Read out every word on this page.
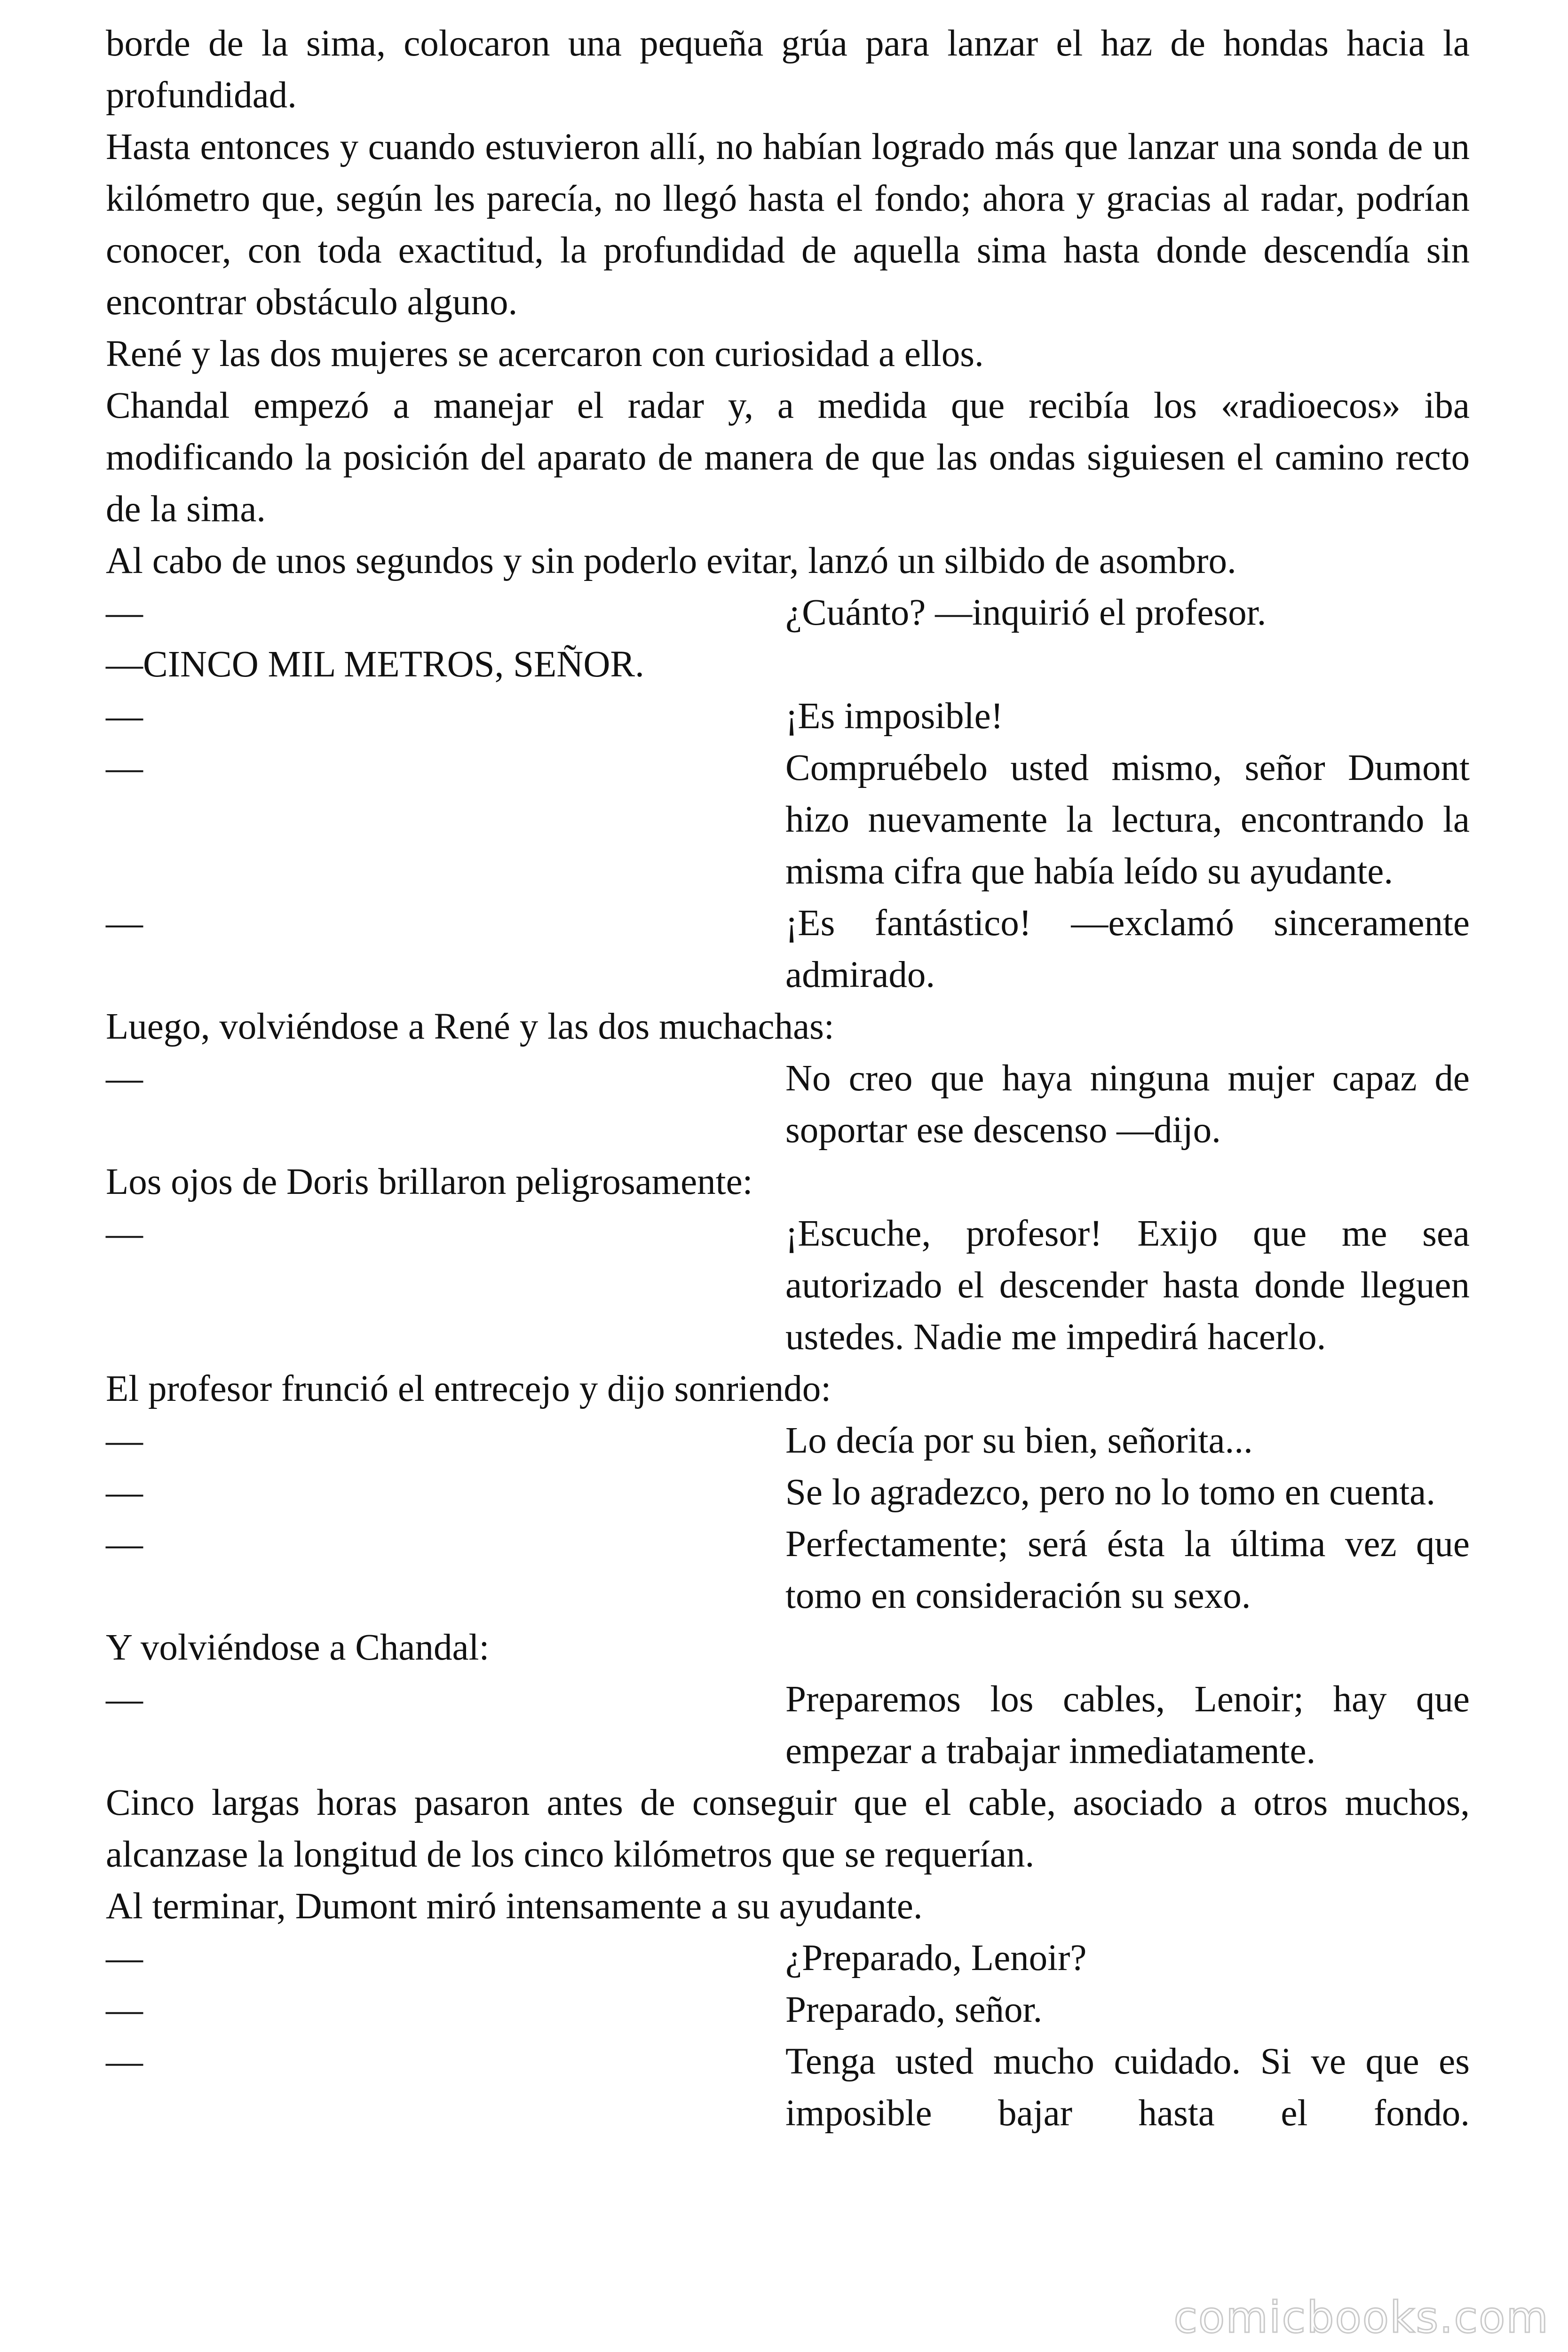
borde de la sima, colocaron una pequeña grúa para lanzar el haz de hondas hacia la profundidad.

Hasta entonces y cuando estuvieron allí, no habían logrado más que lanzar una sonda de un kilómetro que, según les parecía, no llegó hasta el fondo; ahora y gracias al radar, podrían conocer, con toda exactitud, la profundidad de aquella sima hasta donde descendía sin encontrar obstáculo alguno.

René y las dos mujeres se acercaron con curiosidad a ellos.

Chandal empezó a manejar el radar y, a medida que recibía los «radioecos» iba modificando la posición del aparato de manera de que las ondas siguiesen el camino recto de la sima.

Al cabo de unos segundos y sin poderlo evitar, lanzó un silbido de asombro.

—	¿Cuánto? —inquirió el profesor.

—CINCO MIL METROS, SEÑOR.

—	¡Es imposible!
—	Compruébelo usted mismo, señor Dumont hizo nuevamente la lectura, encontrando la misma cifra que había leído su ayudante.
—	¡Es fantástico! —exclamó sinceramente admirado.

Luego, volviéndose a René y las dos muchachas:

—	No creo que haya ninguna mujer capaz de soportar ese descenso —dijo.

Los ojos de Doris brillaron peligrosamente:

—	¡Escuche, profesor! Exijo que me sea autorizado el descender hasta donde lleguen ustedes. Nadie me impedirá hacerlo.

El profesor frunció el entrecejo y dijo sonriendo:

—	Lo decía por su bien, señorita...
—	Se lo agradezco, pero no lo tomo en cuenta.
—	Perfectamente; será ésta la última vez que tomo en consideración su sexo.

Y volviéndose a Chandal:

—	Preparemos los cables, Lenoir; hay que empezar a trabajar inmediatamente.

Cinco largas horas pasaron antes de conseguir que el cable, asociado a otros muchos, alcanzase la longitud de los cinco kilómetros que se requerían.

Al terminar, Dumont miró intensamente a su ayudante.

—	¿Preparado, Lenoir?
—	Preparado, señor.
—	Tenga usted mucho cuidado. Si ve que es imposible bajar hasta el fondo.
comicbooks.com
